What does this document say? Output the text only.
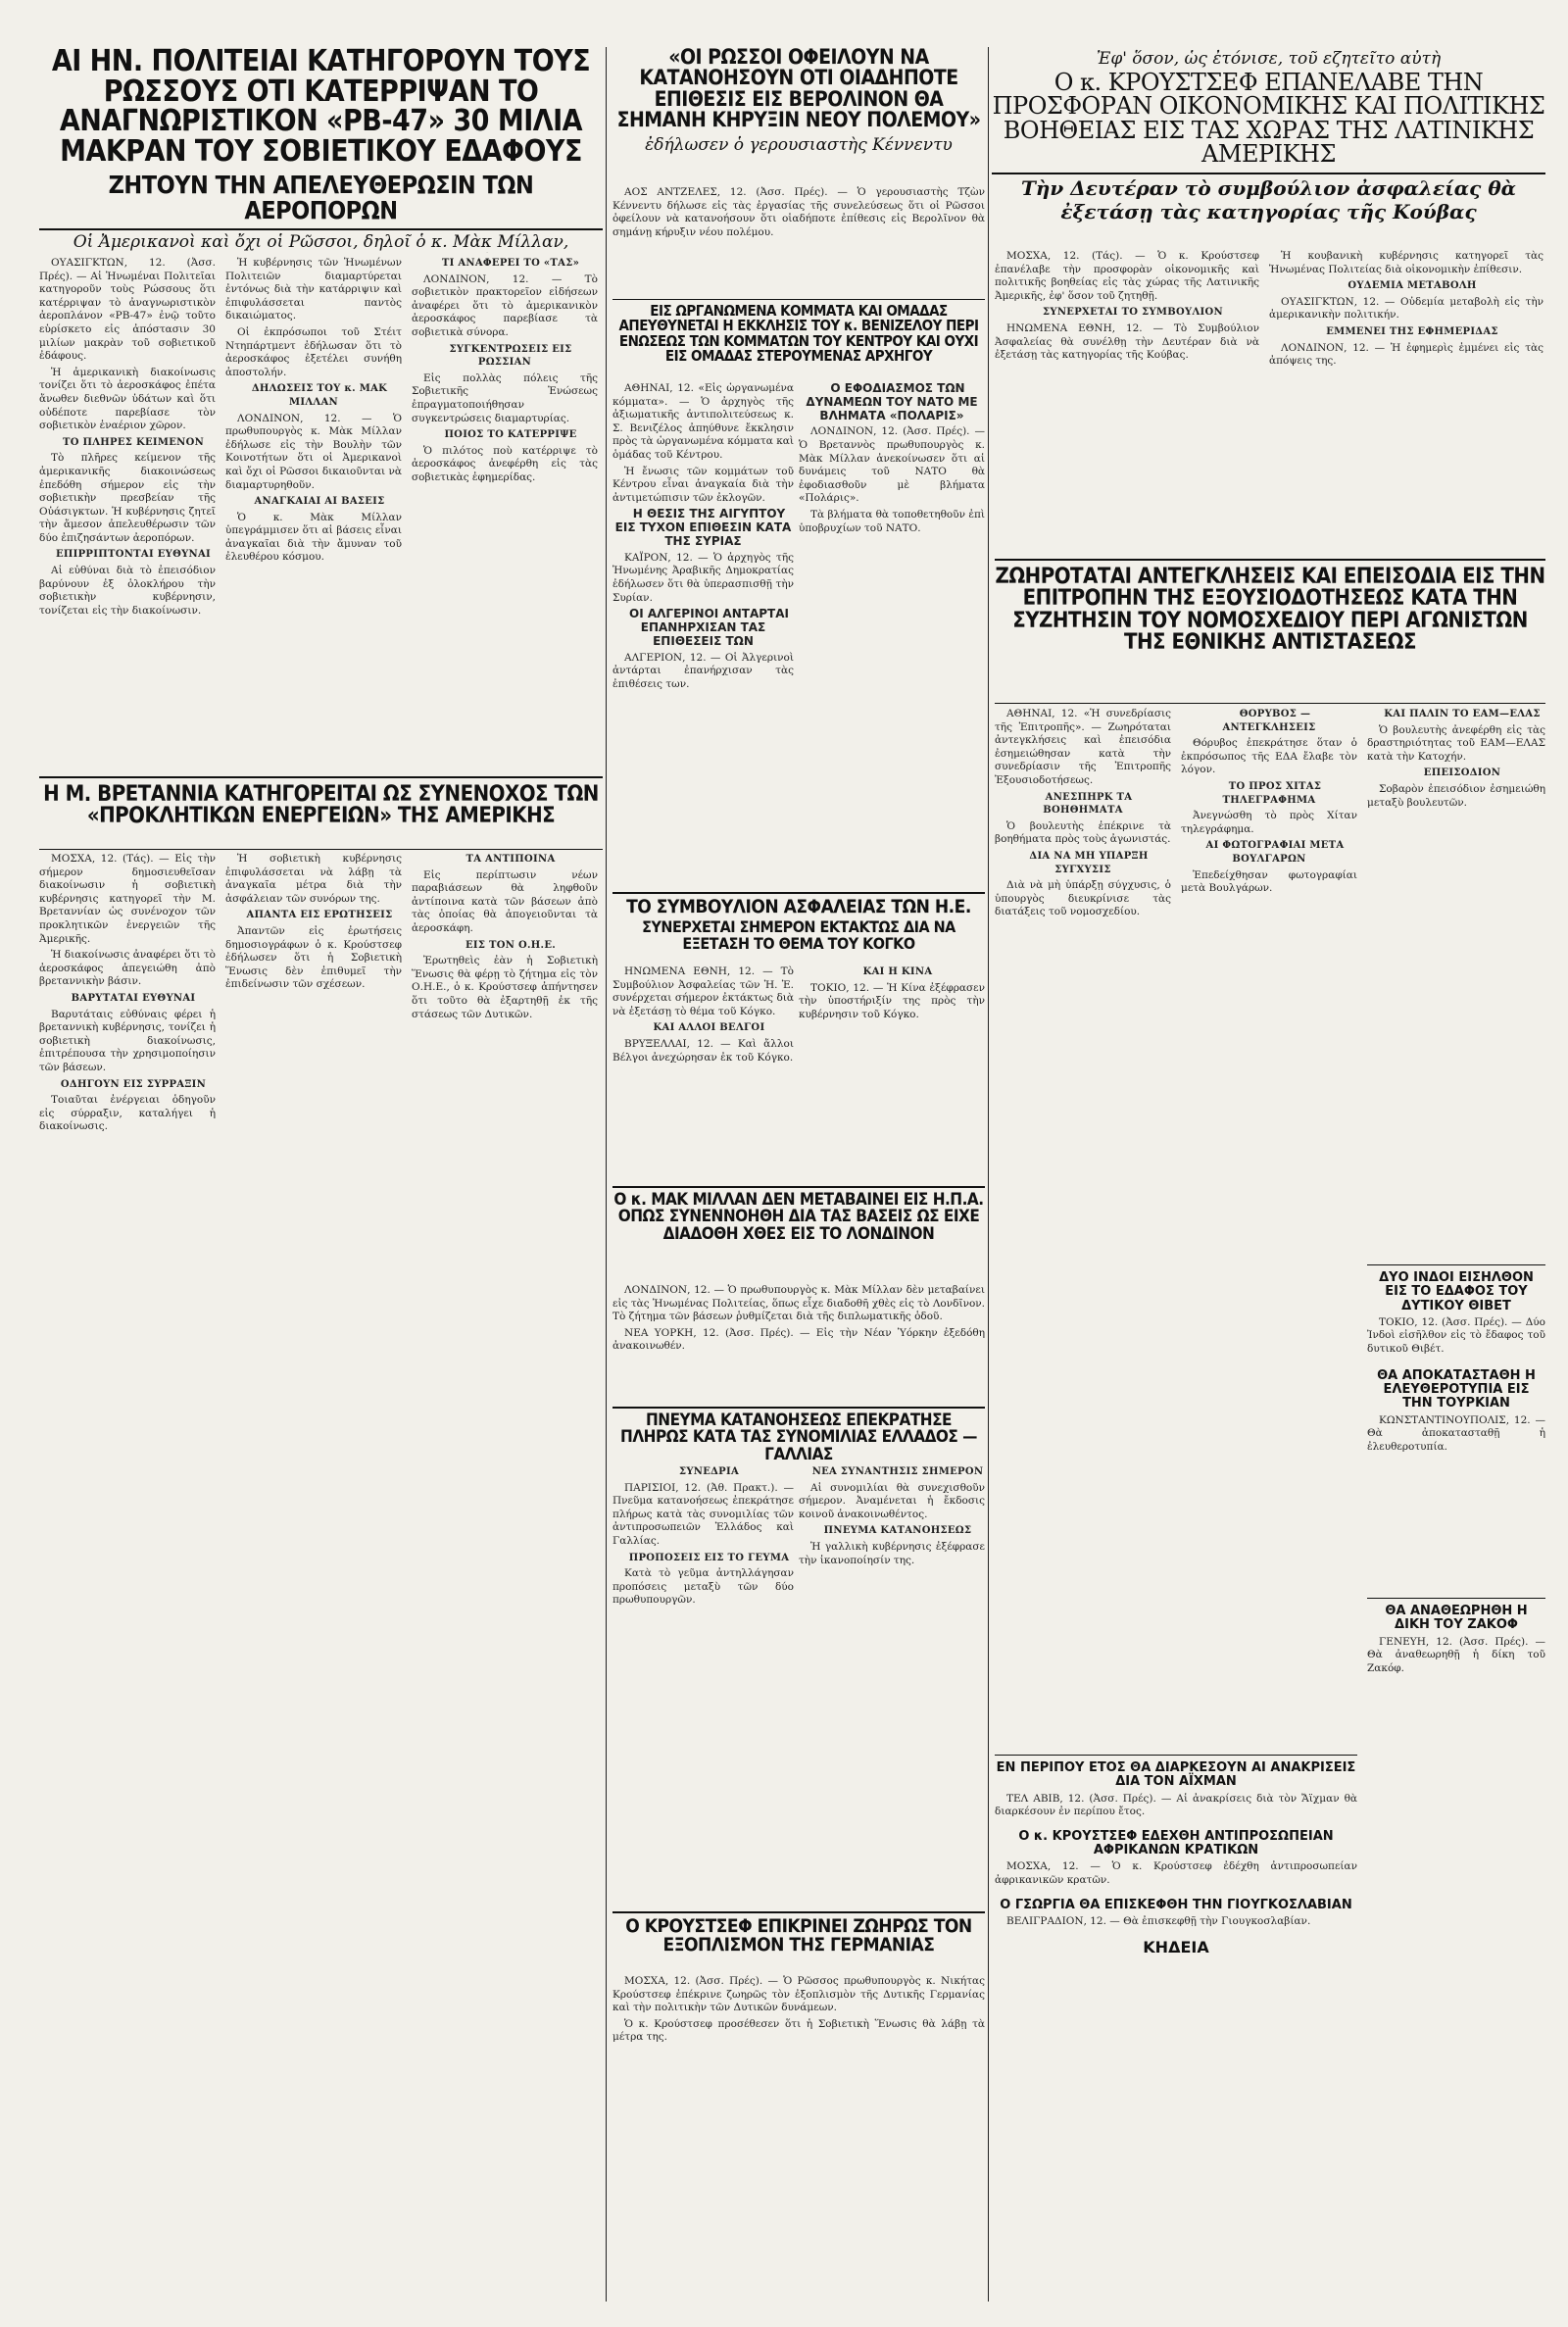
ΑΙ ΗΝ. ΠΟΛΙΤΕΙΑΙ ΚΑΤΗΓΟΡΟΥΝ ΤΟΥΣ ΡΩΣΣΟΥΣ ΟΤΙ ΚΑΤΕΡΡΙΨΑΝ ΤΟ ΑΝΑΓΝΩΡΙΣΤΙΚΟΝ «ΡΒ-47» 30 ΜΙΛΙΑ ΜΑΚΡΑΝ ΤΟΥ ΣΟΒΙΕΤΙΚΟΥ ΕΔΑΦΟΥΣ
ΖΗΤΟΥΝ ΤΗΝ ΑΠΕΛΕΥΘΕΡΩΣΙΝ ΤΩΝ ΑΕΡΟΠΟΡΩΝ

Οἱ Ἀμερικανοὶ καὶ ὄχι οἱ Ρῶσσοι, δηλοῖ ὁ κ. Μὰκ Μίλλαν,

«ΟΙ ΡΩΣΣΟΙ ΟΦΕΙΛΟΥΝ ΝΑ ΚΑΤΑΝΟΗΣΟΥΝ ΟΤΙ ΟΙΑΔΗΠΟΤΕ ΕΠΙΘΕΣΙΣ ΕΙΣ ΒΕΡΟΛΙΝΟΝ ΘΑ ΣΗΜΑΝΗ ΚΗΡΥΞΙΝ ΝΕΟΥ ΠΟΛΕΜΟΥ»

ἐδήλωσεν ὁ γερουσιαστὴς Κέννεντυ

Ἐφ' ὅσον, ὡς ἐτόνισε, τοῦ εζητεῖτο αὐτὴ

Ο κ. ΚΡΟΥΣΤΣΕΦ ΕΠΑΝΕΛΑΒΕ ΤΗΝ ΠΡΟΣΦΟΡΑΝ ΟΙΚΟΝΟΜΙΚΗΣ ΚΑΙ ΠΟΛΙΤΙΚΗΣ ΒΟΗΘΕΙΑΣ ΕΙΣ ΤΑΣ ΧΩΡΑΣ ΤΗΣ ΛΑΤΙΝΙΚΗΣ ΑΜΕΡΙΚΗΣ

Τὴν Δευτέραν τὸ συμβούλιον ἀσφαλείας θὰ ἐξετάσῃ τὰς κατηγορίας τῆς Κούβας

ΟΥΑΣΙΓΚΤΩΝ, 12. (Ἀσσ. Πρές). — Αἱ Ἡνωμέναι Πολιτεῖαι κατηγοροῦν τοὺς Ρώσσους ὅτι κατέρριψαν τὸ ἀναγνωριστικὸν ἀεροπλάνον «ΡΒ-47» ἐνῷ τοῦτο εὑρίσκετο εἰς ἀπόστασιν 30 μιλίων μακρὰν τοῦ σοβιετικοῦ ἐδάφους.

Ἡ ἀμερικανικὴ διακοίνωσις τονίζει ὅτι τὸ ἀεροσκάφος ἐπέτα ἄνωθεν διεθνῶν ὑδάτων καὶ ὅτι οὐδέποτε παρεβίασε τὸν σοβιετικὸν ἐναέριον χῶρον.

ΤΟ ΠΛΗΡΕΣ ΚΕΙΜΕΝΟΝ

Τὸ πλῆρες κείμενον τῆς ἀμερικανικῆς διακοινώσεως ἐπεδόθη σήμερον εἰς τὴν σοβιετικὴν πρεσβείαν τῆς Οὐάσιγκτων. Ἡ κυβέρνησις ζητεῖ τὴν ἄμεσον ἀπελευθέρωσιν τῶν δύο ἐπιζησάντων ἀεροπόρων.

ΕΠΙΡΡΙΠΤΟΝΤΑΙ ΕΥΘΥΝΑΙ

Αἱ εὐθύναι διὰ τὸ ἐπεισόδιον βαρύνουν ἐξ ὁλοκλήρου τὴν σοβιετικὴν κυβέρνησιν, τονίζεται εἰς τὴν διακοίνωσιν.

Ἡ κυβέρνησις τῶν Ἡνωμένων Πολιτειῶν διαμαρτύρεται ἐντόνως διὰ τὴν κατάρριψιν καὶ ἐπιφυλάσσεται παντὸς δικαιώματος.

Οἱ ἐκπρόσωποι τοῦ Στέιτ Ντηπάρτμεντ ἐδήλωσαν ὅτι τὸ ἀεροσκάφος ἐξετέλει συνήθη ἀποστολήν.

ΔΗΛΩΣΕΙΣ ΤΟΥ κ. ΜΑΚ ΜΙΛΛΑΝ

ΛΟΝΔΙΝΟΝ, 12. — Ὁ πρωθυπουργὸς κ. Μὰκ Μίλλαν ἐδήλωσε εἰς τὴν Βουλὴν τῶν Κοινοτήτων ὅτι οἱ Ἀμερικανοὶ καὶ ὄχι οἱ Ρῶσσοι δικαιοῦνται νὰ διαμαρτυρηθοῦν.

ΑΝΑΓΚΑΙΑΙ ΑΙ ΒΑΣΕΙΣ

Ὁ κ. Μὰκ Μίλλαν ὑπεγράμμισεν ὅτι αἱ βάσεις εἶναι ἀναγκαῖαι διὰ τὴν ἄμυναν τοῦ ἐλευθέρου κόσμου.

ΤΙ ΑΝΑΦΕΡΕΙ ΤΟ «ΤΑΣ»

ΛΟΝΔΙΝΟΝ, 12. — Τὸ σοβιετικὸν πρακτορεῖον εἰδήσεων ἀναφέρει ὅτι τὸ ἀμερικανικὸν ἀεροσκάφος παρεβίασε τὰ σοβιετικὰ σύνορα.

ΣΥΓΚΕΝΤΡΩΣΕΙΣ ΕΙΣ ΡΩΣΣΙΑΝ

Εἰς πολλὰς πόλεις τῆς Σοβιετικῆς Ἑνώσεως ἐπραγματοποιήθησαν συγκεντρώσεις διαμαρτυρίας.

ΠΟΙΟΣ ΤΟ ΚΑΤΕΡΡΙΨΕ

Ὁ πιλότος ποὺ κατέρριψε τὸ ἀεροσκάφος ἀνεφέρθη εἰς τὰς σοβιετικὰς ἐφημερίδας.

Η Μ. ΒΡΕΤΑΝΝΙΑ ΚΑΤΗΓΟΡΕΙΤΑΙ ΩΣ ΣΥΝΕΝΟΧΟΣ ΤΩΝ «ΠΡΟΚΛΗΤΙΚΩΝ ΕΝΕΡΓΕΙΩΝ» ΤΗΣ ΑΜΕΡΙΚΗΣ

ΜΟΣΧΑ, 12. (Τάς). — Εἰς τὴν σήμερον δημοσιευθεῖσαν διακοίνωσιν ἡ σοβιετικὴ κυβέρνησις κατηγορεῖ τὴν Μ. Βρεταννίαν ὡς συνένοχον τῶν προκλητικῶν ἐνεργειῶν τῆς Ἀμερικῆς.

Ἡ διακοίνωσις ἀναφέρει ὅτι τὸ ἀεροσκάφος ἀπεγειώθη ἀπὸ βρεταννικὴν βάσιν.

ΒΑΡΥΤΑΤΑΙ ΕΥΘΥΝΑΙ

Βαρυτάταις εὐθύναις φέρει ἡ βρεταννικὴ κυβέρνησις, τονίζει ἡ σοβιετικὴ διακοίνωσις, ἐπιτρέπουσα τὴν χρησιμοποίησιν τῶν βάσεων.

ΟΔΗΓΟΥΝ ΕΙΣ ΣΥΡΡΑΞΙΝ

Τοιαῦται ἐνέργειαι ὁδηγοῦν εἰς σύρραξιν, καταλήγει ἡ διακοίνωσις.

Ἡ σοβιετικὴ κυβέρνησις ἐπιφυλάσσεται νὰ λάβῃ τὰ ἀναγκαῖα μέτρα διὰ τὴν ἀσφάλειαν τῶν συνόρων της.

ΑΠΑΝΤΑ ΕΙΣ ΕΡΩΤΗΣΕΙΣ

Ἀπαντῶν εἰς ἐρωτήσεις δημοσιογράφων ὁ κ. Κρούστσεφ ἐδήλωσεν ὅτι ἡ Σοβιετικὴ Ἕνωσις δὲν ἐπιθυμεῖ τὴν ἐπιδείνωσιν τῶν σχέσεων.

ΤΑ ΑΝΤΙΠΟΙΝΑ

Εἰς περίπτωσιν νέων παραβιάσεων θὰ ληφθοῦν ἀντίποινα κατὰ τῶν βάσεων ἀπὸ τὰς ὁποίας θὰ ἀπογειοῦνται τὰ ἀεροσκάφη.

ΕΙΣ ΤΟΝ Ο.Η.Ε.

Ἐρωτηθεὶς ἐὰν ἡ Σοβιετικὴ Ἕνωσις θὰ φέρῃ τὸ ζήτημα εἰς τὸν Ο.Η.Ε., ὁ κ. Κρούστσεφ ἀπήντησεν ὅτι τοῦτο θὰ ἐξαρτηθῇ ἐκ τῆς στάσεως τῶν Δυτικῶν.

ΑΟΣ ΑΝΤΖΕΛΕΣ, 12. (Ἀσσ. Πρές). — Ὁ γερουσιαστὴς Τζὼν Κέννεντυ δήλωσε εἰς τὰς ἐργασίας τῆς συνελεύσεως ὅτι οἱ Ρῶσσοι ὀφείλουν νὰ κατανοήσουν ὅτι οἱαδήποτε ἐπίθεσις εἰς Βερολῖνον θὰ σημάνῃ κήρυξιν νέου πολέμου.

ΕΙΣ ΩΡΓΑΝΩΜΕΝΑ ΚΟΜΜΑΤΑ ΚΑΙ ΟΜΑΔΑΣ ΑΠΕΥΘΥΝΕΤΑΙ Η ΕΚΚΛΗΣΙΣ ΤΟΥ κ. ΒΕΝΙΖΕΛΟΥ ΠΕΡΙ ΕΝΩΣΕΩΣ ΤΩΝ ΚΟΜΜΑΤΩΝ ΤΟΥ ΚΕΝΤΡΟΥ ΚΑΙ ΟΥΧΙ ΕΙΣ ΟΜΑΔΑΣ ΣΤΕΡΟΥΜΕΝΑΣ ΑΡΧΗΓΟΥ

ΑΘΗΝΑΙ, 12. «Εἰς ὡργανωμένα κόμματα». — Ὁ ἀρχηγὸς τῆς ἀξιωματικῆς ἀντιπολιτεύσεως κ. Σ. Βενιζέλος ἀπηύθυνε ἔκκλησιν πρὸς τὰ ὡργανωμένα κόμματα καὶ ὁμάδας τοῦ Κέντρου.

Ἡ ἔνωσις τῶν κομμάτων τοῦ Κέντρου εἶναι ἀναγκαία διὰ τὴν ἀντιμετώπισιν τῶν ἐκλογῶν.

Η ΘΕΣΙΣ ΤΗΣ ΑΙΓΥΠΤΟΥ ΕΙΣ ΤΥΧΟΝ ΕΠΙΘΕΣΙΝ ΚΑΤΑ ΤΗΣ ΣΥΡΙΑΣ

ΚΑΪΡΟΝ, 12. — Ὁ ἀρχηγὸς τῆς Ἡνωμένης Ἀραβικῆς Δημοκρατίας ἐδήλωσεν ὅτι θὰ ὑπερασπισθῇ τὴν Συρίαν.

ΟΙ ΑΛΓΕΡΙΝΟΙ ΑΝΤΑΡΤΑΙ ΕΠΑΝΗΡΧΙΣΑΝ ΤΑΣ ΕΠΙΘΕΣΕΙΣ ΤΩΝ

ΑΛΓΕΡΙΟΝ, 12. — Οἱ Ἀλγερινοὶ ἀντάρται ἐπανήρχισαν τὰς ἐπιθέσεις των.

Ο ΕΦΟΔΙΑΣΜΟΣ ΤΩΝ ΔΥΝΑΜΕΩΝ ΤΟΥ ΝΑΤΟ ΜΕ ΒΛΗΜΑΤΑ «ΠΟΛΑΡΙΣ»

ΛΟΝΔΙΝΟΝ, 12. (Ἀσσ. Πρές). — Ὁ Βρεταννὸς πρωθυπουργὸς κ. Μὰκ Μίλλαν ἀνεκοίνωσεν ὅτι αἱ δυνάμεις τοῦ ΝΑΤΟ θὰ ἐφοδιασθοῦν μὲ βλήματα «Πολάρις».

Τὰ βλήματα θὰ τοποθετηθοῦν ἐπὶ ὑποβρυχίων τοῦ ΝΑΤΟ.

ΤΟ ΣΥΜΒΟΥΛΙΟΝ ΑΣΦΑΛΕΙΑΣ ΤΩΝ Η.Ε.
ΣΥΝΕΡΧΕΤΑΙ ΣΗΜΕΡΟΝ ΕΚΤΑΚΤΩΣ ΔΙΑ ΝΑ ΕΞΕΤΑΣΗ ΤΟ ΘΕΜΑ ΤΟΥ ΚΟΓΚΟ

ΗΝΩΜΕΝΑ ΕΘΝΗ, 12. — Τὸ Συμβούλιον Ἀσφαλείας τῶν Ἡ. Ἐ. συνέρχεται σήμερον ἐκτάκτως διὰ νὰ ἐξετάσῃ τὸ θέμα τοῦ Κόγκο.

ΚΑΙ ΑΛΛΟΙ ΒΕΛΓΟΙ

ΒΡΥΞΕΛΛΑΙ, 12. — Καὶ ἄλλοι Βέλγοι ἀνεχώρησαν ἐκ τοῦ Κόγκο.

ΚΑΙ Η ΚΙΝΑ

ΤΟΚΙΟ, 12. — Ἡ Κίνα ἐξέφρασεν τὴν ὑποστήριξίν της πρὸς τὴν κυβέρνησιν τοῦ Κόγκο.

Ο κ. ΜΑΚ ΜΙΛΛΑΝ ΔΕΝ ΜΕΤΑΒΑΙΝΕΙ ΕΙΣ Η.Π.Α. ΟΠΩΣ ΣΥΝΕΝΝΟΗΘΗ ΔΙΑ ΤΑΣ ΒΑΣΕΙΣ ΩΣ ΕΙΧΕ ΔΙΑΔΟΘΗ ΧΘΕΣ ΕΙΣ ΤΟ ΛΟΝΔΙΝΟΝ

ΛΟΝΔΙΝΟΝ, 12. — Ὁ πρωθυπουργὸς κ. Μὰκ Μίλλαν δὲν μεταβαίνει εἰς τὰς Ἡνωμένας Πολιτείας, ὅπως εἶχε διαδοθῆ χθὲς εἰς τὸ Λονδῖνον. Τὸ ζήτημα τῶν βάσεων ῥυθμίζεται διὰ τῆς διπλωματικῆς ὁδοῦ.

ΝΕΑ ΥΟΡΚΗ, 12. (Ἀσσ. Πρές). — Εἰς τὴν Νέαν Ὑόρκην ἐξεδόθη ἀνακοινωθέν.

ΠΝΕΥΜΑ ΚΑΤΑΝΟΗΣΕΩΣ ΕΠΕΚΡΑΤΗΣΕ ΠΛΗΡΩΣ ΚΑΤΑ ΤΑΣ ΣΥΝΟΜΙΛΙΑΣ ΕΛΛΑΔΟΣ — ΓΑΛΛΙΑΣ

ΣΥΝΕΔΡΙΑ

ΠΑΡΙΣΙΟΙ, 12. (Ἀθ. Πρακτ.). — Πνεῦμα κατανοήσεως ἐπεκράτησε πλήρως κατὰ τὰς συνομιλίας τῶν ἀντιπροσωπειῶν Ἑλλάδος καὶ Γαλλίας.

ΠΡΟΠΟΣΕΙΣ ΕΙΣ ΤΟ ΓΕΥΜΑ

Κατὰ τὸ γεῦμα ἀντηλλάγησαν προπόσεις μεταξὺ τῶν δύο πρωθυπουργῶν.

ΝΕΑ ΣΥΝΑΝΤΗΣΙΣ ΣΗΜΕΡΟΝ

Αἱ συνομιλίαι θὰ συνεχισθοῦν σήμερον. Ἀναμένεται ἡ ἔκδοσις κοινοῦ ἀνακοινωθέντος.

ΠΝΕΥΜΑ ΚΑΤΑΝΟΗΣΕΩΣ

Ἡ γαλλικὴ κυβέρνησις ἐξέφρασε τὴν ἱκανοποίησίν της.

Ο ΚΡΟΥΣΤΣΕΦ ΕΠΙΚΡΙΝΕΙ ΖΩΗΡΩΣ ΤΟΝ ΕΞΟΠΛΙΣΜΟΝ ΤΗΣ ΓΕΡΜΑΝΙΑΣ

ΜΟΣΧΑ, 12. (Ἀσσ. Πρές). — Ὁ Ρῶσσος πρωθυπουργὸς κ. Νικήτας Κρούστσεφ ἐπέκρινε ζωηρῶς τὸν ἐξοπλισμὸν τῆς Δυτικῆς Γερμανίας καὶ τὴν πολιτικὴν τῶν Δυτικῶν δυνάμεων.

Ὁ κ. Κρούστσεφ προσέθεσεν ὅτι ἡ Σοβιετικὴ Ἕνωσις θὰ λάβῃ τὰ μέτρα της.

ΜΟΣΧΑ, 12. (Τάς). — Ὁ κ. Κρούστσεφ ἐπανέλαβε τὴν προσφορὰν οἰκονομικῆς καὶ πολιτικῆς βοηθείας εἰς τὰς χώρας τῆς Λατινικῆς Ἀμερικῆς, ἐφ' ὅσον τοῦ ζητηθῇ.

ΣΥΝΕΡΧΕΤΑΙ ΤΟ ΣΥΜΒΟΥΛΙΟΝ

ΗΝΩΜΕΝΑ ΕΘΝΗ, 12. — Τὸ Συμβούλιον Ἀσφαλείας θὰ συνέλθῃ τὴν Δευτέραν διὰ νὰ ἐξετάσῃ τὰς κατηγορίας τῆς Κούβας.

Ἡ κουβανικὴ κυβέρνησις κατηγορεῖ τὰς Ἡνωμένας Πολιτείας διὰ οἰκονομικὴν ἐπίθεσιν.

ΟΥΔΕΜΙΑ ΜΕΤΑΒΟΛΗ

ΟΥΑΣΙΓΚΤΩΝ, 12. — Οὐδεμία μεταβολὴ εἰς τὴν ἀμερικανικὴν πολιτικήν.

ΕΜΜΕΝΕΙ ΤΗΣ ΕΦΗΜΕΡΙΔΑΣ

ΛΟΝΔΙΝΟΝ, 12. — Ἡ ἐφημερὶς ἐμμένει εἰς τὰς ἀπόψεις της.

ΖΩΗΡΟΤΑΤΑΙ ΑΝΤΕΓΚΛΗΣΕΙΣ ΚΑΙ ΕΠΕΙΣΟΔΙΑ ΕΙΣ ΤΗΝ ΕΠΙΤΡΟΠΗΝ ΤΗΣ ΕΞΟΥΣΙΟΔΟΤΗΣΕΩΣ ΚΑΤΑ ΤΗΝ ΣΥΖΗΤΗΣΙΝ ΤΟΥ ΝΟΜΟΣΧΕΔΙΟΥ ΠΕΡΙ ΑΓΩΝΙΣΤΩΝ ΤΗΣ ΕΘΝΙΚΗΣ ΑΝΤΙΣΤΑΣΕΩΣ

ΑΘΗΝΑΙ, 12. «Ἡ συνεδρίασις τῆς Ἐπιτροπῆς». — Ζωηρόταται ἀντεγκλήσεις καὶ ἐπεισόδια ἐσημειώθησαν κατὰ τὴν συνεδρίασιν τῆς Ἐπιτροπῆς Ἐξουσιοδοτήσεως.

ΑΝΕΣΠΗΡΚ ΤΑ ΒΟΗΘΗΜΑΤΑ

Ὁ βουλευτὴς ἐπέκρινε τὰ βοηθήματα πρὸς τοὺς ἀγωνιστάς.

ΔΙΑ ΝΑ ΜΗ ΥΠΑΡΞΗ ΣΥΓΧΥΣΙΣ

Διὰ νὰ μὴ ὑπάρξῃ σύγχυσις, ὁ ὑπουργὸς διευκρίνισε τὰς διατάξεις τοῦ νομοσχεδίου.

ΘΟΡΥΒΟΣ — ΑΝΤΕΓΚΛΗΣΕΙΣ

Θόρυβος ἐπεκράτησε ὅταν ὁ ἐκπρόσωπος τῆς ΕΔΑ ἔλαβε τὸν λόγον.

ΤΟ ΠΡΟΣ ΧΙΤΑΣ ΤΗΛΕΓΡΑΦΗΜΑ

Ἀνεγνώσθη τὸ πρὸς Χίταν τηλεγράφημα.

ΑΙ ΦΩΤΟΓΡΑΦΙΑΙ ΜΕΤΑ ΒΟΥΛΓΑΡΩΝ

Ἐπεδείχθησαν φωτογραφίαι μετὰ Βουλγάρων.

ΚΑΙ ΠΑΛΙΝ ΤΟ ΕΑΜ—ΕΛΑΣ

Ὁ βουλευτὴς ἀνεφέρθη εἰς τὰς δραστηριότητας τοῦ ΕΑΜ—ΕΛΑΣ κατὰ τὴν Κατοχήν.

ΕΠΕΙΣΟΔΙΟΝ

Σοβαρὸν ἐπεισόδιον ἐσημειώθη μεταξὺ βουλευτῶν.

ΔΥΟ ΙΝΔΟΙ ΕΙΣΗΛΘΟΝ ΕΙΣ ΤΟ ΕΔΑΦΟΣ ΤΟΥ ΔΥΤΙΚΟΥ ΘΙΒΕΤ

ΤΟΚΙΟ, 12. (Ἀσσ. Πρές). — Δύο Ἰνδοὶ εἰσῆλθον εἰς τὸ ἔδαφος τοῦ δυτικοῦ Θιβέτ.

ΘΑ ΑΠΟΚΑΤΑΣΤΑΘΗ Η ΕΛΕΥΘΕΡΟΤΥΠΙΑ ΕΙΣ ΤΗΝ ΤΟΥΡΚΙΑΝ

ΚΩΝΣΤΑΝΤΙΝΟΥΠΟΛΙΣ, 12. — Θὰ ἀποκατασταθῇ ἡ ἐλευθεροτυπία.

ΕΝ ΠΕΡΙΠΟΥ ΕΤΟΣ ΘΑ ΔΙΑΡΚΕΣΟΥΝ ΑΙ ΑΝΑΚΡΙΣΕΙΣ ΔΙΑ ΤΟΝ ΑΪΧΜΑΝ

ΤΕΛ ΑΒΙΒ, 12. (Ἀσσ. Πρές). — Αἱ ἀνακρίσεις διὰ τὸν Ἄϊχμαν θὰ διαρκέσουν ἐν περίπου ἔτος.

Ο κ. ΚΡΟΥΣΤΣΕΦ ΕΔΕΧΘΗ ΑΝΤΙΠΡΟΣΩΠΕΙΑΝ ΑΦΡΙΚΑΝΩΝ ΚΡΑΤΙΚΩΝ

ΜΟΣΧΑ, 12. — Ὁ κ. Κρούστσεφ ἐδέχθη ἀντιπροσωπείαν ἀφρικανικῶν κρατῶν.

Ο ΓΣΩΡΓΙΑ ΘΑ ΕΠΙΣΚΕΦΘΗ ΤΗΝ ΓΙΟΥΓΚΟΣΛΑΒΙΑΝ

ΒΕΛΙΓΡΑΔΙΟΝ, 12. — Θὰ ἐπισκεφθῇ τὴν Γιουγκοσλαβίαν.

ΚΗΔΕΙΑ

ΘΑ ΑΝΑΘΕΩΡΗΘΗ Η ΔΙΚΗ ΤΟΥ ΖΑΚΟΦ

ΓΕΝΕΥΗ, 12. (Ἀσσ. Πρές). — Θὰ ἀναθεωρηθῇ ἡ δίκη τοῦ Ζακόφ.
